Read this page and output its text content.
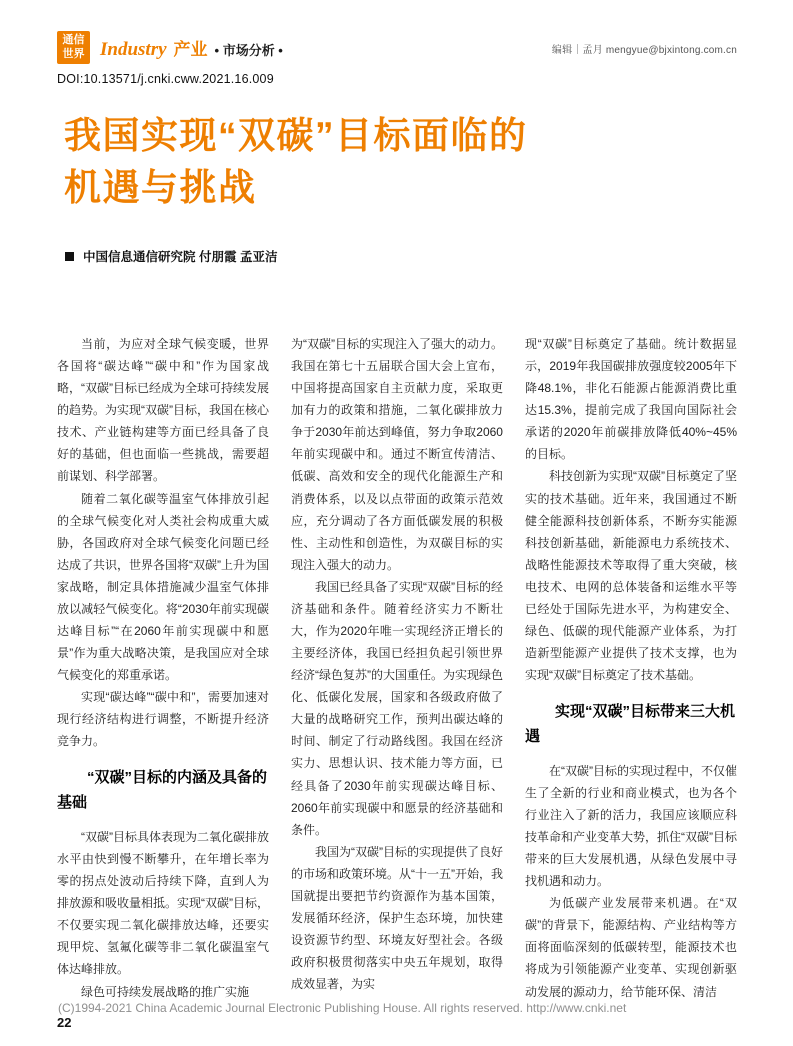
通信
世界 Industry 产业 • 市场分析 •	编辑｜孟月 mengyue@bjxintong.com.cn
DOI:10.13571/j.cnki.cww.2021.16.009
我国实现“双碳”目标面临的
机遇与挑战
中国信息通信研究院 付朋霞 孟亚洁

当前，为应对全球气候变暖，世界各国将“碳达峰”“碳中和”作为国家战略，“双碳”目标已经成为全球可持续发展的趋势。为实现“双碳”目标，我国在核心技术、产业链构建等方面已经具备了良好的基础，但也面临一些挑战，需要超前谋划、科学部署。

随着二氧化碳等温室气体排放引起的全球气候变化对人类社会构成重大威胁，各国政府对全球气候变化问题已经达成了共识，世界各国将“双碳”上升为国家战略，制定具体措施减少温室气体排放以减轻气候变化。将“2030年前实现碳达峰目标”“在2060年前实现碳中和愿景”作为重大战略决策，是我国应对全球气候变化的郑重承诺。

实现“碳达峰”“碳中和”，需要加速对现行经济结构进行调整，不断提升经济竞争力。

“双碳”目标的内涵及具备的基础

“双碳”目标具体表现为二氧化碳排放水平由快到慢不断攀升，在年增长率为零的拐点处波动后持续下降，直到人为排放源和吸收量相抵。实现“双碳”目标，不仅要实现二氧化碳排放达峰，还要实现甲烷、氢氟化碳等非二氧化碳温室气体达峰排放。

绿色可持续发展战略的推广实施

为“双碳”目标的实现注入了强大的动力。我国在第七十五届联合国大会上宣布，中国将提高国家自主贡献力度，采取更加有力的政策和措施，二氧化碳排放力争于2030年前达到峰值，努力争取2060年前实现碳中和。通过不断宣传清洁、低碳、高效和安全的现代化能源生产和消费体系，以及以点带面的政策示范效应，充分调动了各方面低碳发展的积极性、主动性和创造性，为双碳目标的实现注入强大的动力。

我国已经具备了实现“双碳”目标的经济基础和条件。随着经济实力不断壮大，作为2020年唯一实现经济正增长的主要经济体，我国已经担负起引领世界经济“绿色复苏”的大国重任。为实现绿色化、低碳化发展，国家和各级政府做了大量的战略研究工作，预判出碳达峰的时间、制定了行动路线图。我国在经济实力、思想认识、技术能力等方面，已经具备了2030年前实现碳达峰目标、2060年前实现碳中和愿景的经济基础和条件。

我国为“双碳”目标的实现提供了良好的市场和政策环境。从“十一五”开始，我国就提出要把节约资源作为基本国策，发展循环经济，保护生态环境，加快建设资源节约型、环境友好型社会。各级政府积极贯彻落实中央五年规划，取得成效显著，为实

现“双碳”目标奠定了基础。统计数据显示，2019年我国碳排放强度较2005年下降48.1%，非化石能源占能源消费比重达15.3%，提前完成了我国向国际社会承诺的2020年前碳排放降低40%~45%的目标。

科技创新为实现“双碳”目标奠定了坚实的技术基础。近年来，我国通过不断健全能源科技创新体系，不断夯实能源科技创新基础，新能源电力系统技术、战略性能源技术等取得了重大突破，核电技术、电网的总体装备和运维水平等已经处于国际先进水平，为构建安全、绿色、低碳的现代能源产业体系，为打造新型能源产业提供了技术支撑，也为实现“双碳”目标奠定了技术基础。

实现“双碳”目标带来三大机遇

在“双碳”目标的实现过程中，不仅催生了全新的行业和商业模式，也为各个行业注入了新的活力，我国应该顺应科技革命和产业变革大势，抓住“双碳”目标带来的巨大发展机遇，从绿色发展中寻找机遇和动力。

为低碳产业发展带来机遇。在“双碳”的背景下，能源结构、产业结构等方面将面临深刻的低碳转型，能源技术也将成为引领能源产业变革、实现创新驱动发展的源动力，给节能环保、清洁

(C)1994-2021 China Academic Journal Electronic Publishing House. All rights reserved. http://www.cnki.net
22
